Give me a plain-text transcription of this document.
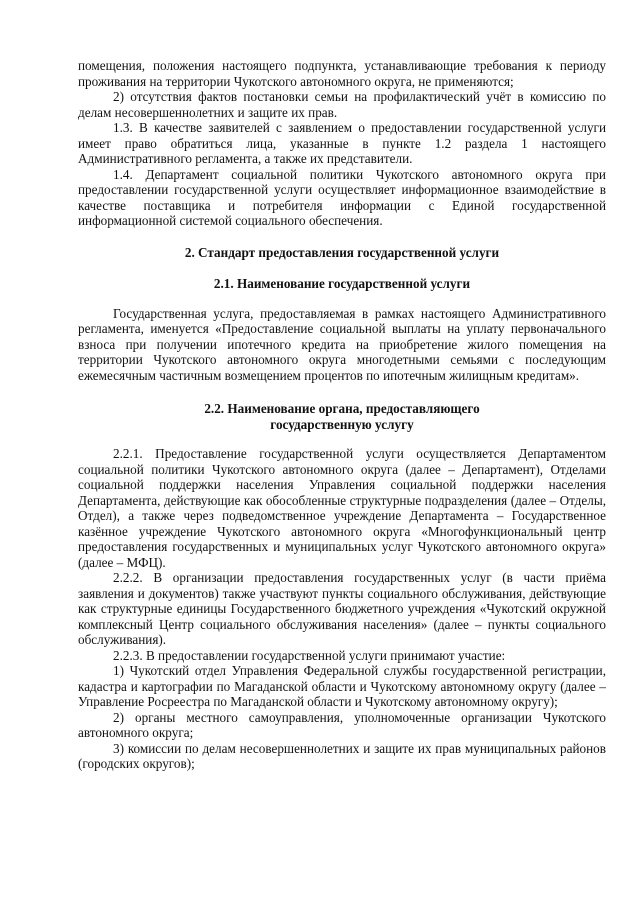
помещения, положения настоящего подпункта, устанавливающие требования к периоду проживания на территории Чукотского автономного округа, не применяются;

2) отсутствия фактов постановки семьи на профилактический учёт в комиссию по делам несовершеннолетних и защите их прав.

1.3. В качестве заявителей с заявлением о предоставлении государственной услуги имеет право обратиться лица, указанные в пункте 1.2 раздела 1 настоящего Административного регламента, а также их представители.

1.4. Департамент социальной политики Чукотского автономного округа при предоставлении государственной услуги осуществляет информационное взаимодействие в качестве поставщика и потребителя информации с Единой государственной информационной системой социального обеспечения.

2. Стандарт предоставления государственной услуги

2.1. Наименование государственной услуги

Государственная услуга, предоставляемая в рамках настоящего Административного регламента, именуется «Предоставление социальной выплаты на уплату первоначального взноса при получении ипотечного кредита на приобретение жилого помещения на территории Чукотского автономного округа многодетными семьями с последующим ежемесячным частичным возмещением процентов по ипотечным жилищным кредитам».

2.2. Наименование органа, предоставляющего

государственную услугу

2.2.1. Предоставление государственной услуги осуществляется Департаментом социальной политики Чукотского автономного округа (далее – Департамент), Отделами социальной поддержки населения Управления социальной поддержки населения Департамента, действующие как обособленные структурные подразделения (далее – Отделы, Отдел), а также через подведомственное учреждение Департамента – Государственное казённое учреждение Чукотского автономного округа «Многофункциональный центр предоставления государственных и муниципальных услуг Чукотского автономного округа» (далее – МФЦ).

2.2.2. В организации предоставления государственных услуг (в части приёма заявления и документов) также участвуют пункты социального обслуживания, действующие как структурные единицы Государственного бюджетного учреждения «Чукотский окружной комплексный Центр социального обслуживания населения» (далее – пункты социального обслуживания).

2.2.3. В предоставлении государственной услуги принимают участие:

1) Чукотский отдел Управления Федеральной службы государственной регистрации, кадастра и картографии по Магаданской области и Чукотскому автономному округу (далее – Управление Росреестра по Магаданской области и Чукотскому автономному округу);

2) органы местного самоуправления, уполномоченные организации Чукотского автономного округа;

3) комиссии по делам несовершеннолетних и защите их прав муниципальных районов (городских округов);
